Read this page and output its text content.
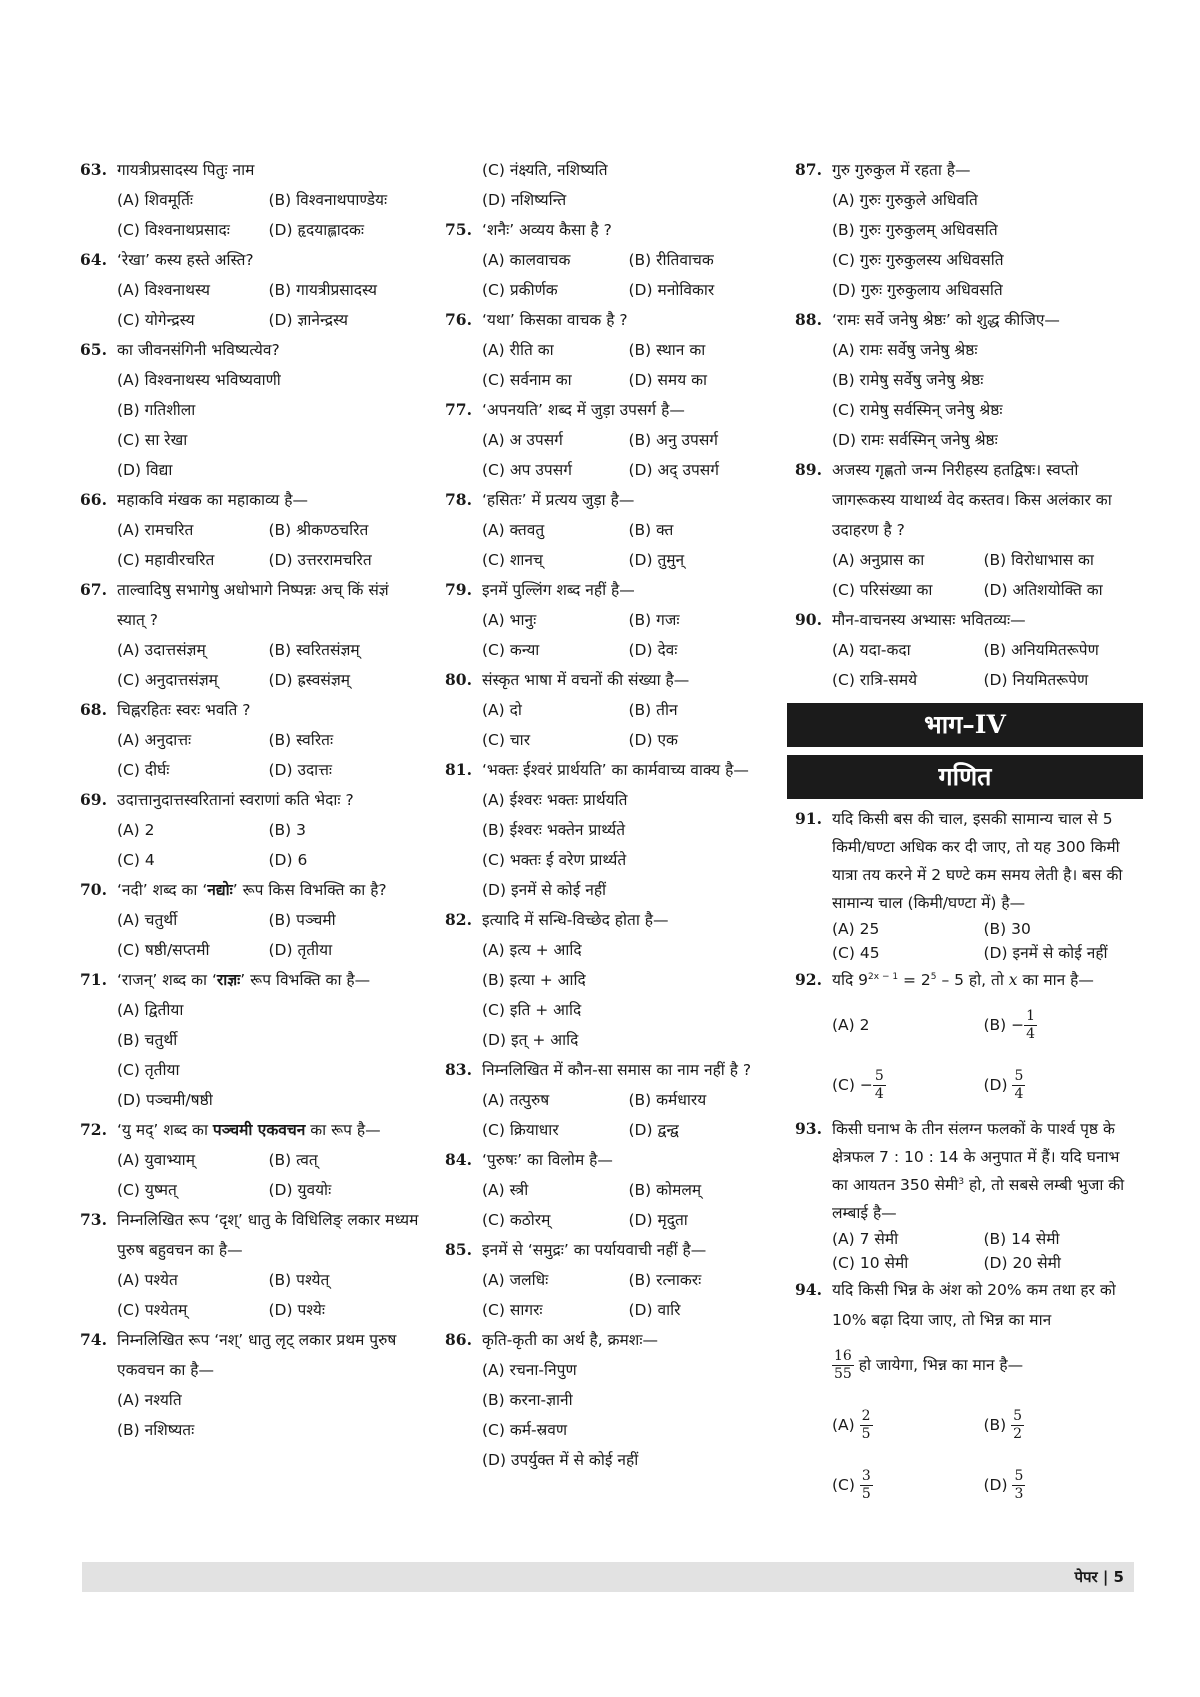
63. गायत्रीप्रसादस्य पितुः नाम
(A) शिवमूर्तिः	(B) विश्वनाथपाण्डेयः
(C) विश्वनाथप्रसादः	(D) हृदयाह्लादकः
64. ‘रेखा’ कस्य हस्ते अस्ति?
(A) विश्वनाथस्य	(B) गायत्रीप्रसादस्य
(C) योगेन्द्रस्य	(D) ज्ञानेन्द्रस्य
65. का जीवनसंगिनी भविष्यत्येव?
(A) विश्वनाथस्य भविष्यवाणी
(B) गतिशीला
(C) सा रेखा
(D) विद्या
66. महाकवि मंखक का महाकाव्य है—
(A) रामचरित	(B) श्रीकण्ठचरित
(C) महावीरचरित	(D) उत्तररामचरित
67. ताल्वादिषु सभागेषु अधोभागे निष्पन्नः अच् किं संज्ञं स्यात् ?
(A) उदात्तसंज्ञम्	(B) स्वरितसंज्ञम्
(C) अनुदात्तसंज्ञम्	(D) ह्रस्वसंज्ञम्
68. चिह्नरहितः स्वरः भवति ?
(A) अनुदात्तः	(B) स्वरितः
(C) दीर्घः	(D) उदात्तः
69. उदात्तानुदात्तस्वरितानां स्वराणां कति भेदाः ?
(A) 2	(B) 3
(C) 4	(D) 6
70. ‘नदी’ शब्द का ‘नद्योः’ रूप किस विभक्ति का है?
(A) चतुर्थी	(B) पञ्चमी
(C) षष्ठी/सप्तमी	(D) तृतीया
71. ‘राजन्’ शब्द का ‘राज्ञः’ रूप विभक्ति का है—
(A) द्वितीया
(B) चतुर्थी
(C) तृतीया
(D) पञ्चमी/षष्ठी
72. ‘यु मद्’ शब्द का पञ्चमी एकवचन का रूप है—
(A) युवाभ्याम्	(B) त्वत्
(C) युष्मत्	(D) युवयोः
73. निम्नलिखित रूप ‘दृश्’ धातु के विधिलिङ् लकार मध्यम पुरुष बहुवचन का है—
(A) पश्येत	(B) पश्येत्
(C) पश्येतम्	(D) पश्येः
74. निम्नलिखित रूप ‘नश्’ धातु लृट् लकार प्रथम पुरुष एकवचन का है—
(A) नश्यति
(B) नशिष्यतः
(C) नंक्ष्यति, नशिष्यति
(D) नशिष्यन्ति
75. ‘शनैः’ अव्यय कैसा है ?
(A) कालवाचक	(B) रीतिवाचक
(C) प्रकीर्णक	(D) मनोविकार
76. ‘यथा’ किसका वाचक है ?
(A) रीति का	(B) स्थान का
(C) सर्वनाम का	(D) समय का
77. ‘अपनयति’ शब्द में जुड़ा उपसर्ग है—
(A) अ उपसर्ग	(B) अनु उपसर्ग
(C) अप उपसर्ग	(D) अद् उपसर्ग
78. ‘हसितः’ में प्रत्यय जुड़ा है—
(A) क्तवतु	(B) क्त
(C) शानच्	(D) तुमुन्
79. इनमें पुल्लिंग शब्द नहीं है—
(A) भानुः	(B) गजः
(C) कन्या	(D) देवः
80. संस्कृत भाषा में वचनों की संख्या है—
(A) दो	(B) तीन
(C) चार	(D) एक
81. ‘भक्तः ईश्वरं प्रार्थयति’ का कार्मवाच्य वाक्य है—
(A) ईश्वरः भक्तः प्रार्थयति
(B) ईश्वरः भक्तेन प्रार्थ्यते
(C) भक्तः ई वरेण प्रार्थ्यते
(D) इनमें से कोई नहीं
82. इत्यादि में सन्धि-विच्छेद होता है—
(A) इत्य + आदि
(B) इत्या + आदि
(C) इति + आदि
(D) इत् + आदि
83. निम्नलिखित में कौन-सा समास का नाम नहीं है ?
(A) तत्पुरुष	(B) कर्मधारय
(C) क्रियाधार	(D) द्वन्द्व
84. ‘पुरुषः’ का विलोम है—
(A) स्त्री	(B) कोमलम्
(C) कठोरम्	(D) मृदुता
85. इनमें से ‘समुद्रः’ का पर्यायवाची नहीं है—
(A) जलधिः	(B) रत्नाकरः
(C) सागरः	(D) वारि
86. कृति-कृती का अर्थ है, क्रमशः—
(A) रचना-निपुण
(B) करना-ज्ञानी
(C) कर्म-स्रवण
(D) उपर्युक्त में से कोई नहीं
87. गुरु गुरुकुल में रहता है—
(A) गुरुः गुरुकुले अधिवति
(B) गुरुः गुरुकुलम् अधिवसति
(C) गुरुः गुरुकुलस्य अधिवसति
(D) गुरुः गुरुकुलाय अधिवसति
88. ‘रामः सर्वे जनेषु श्रेष्ठः’ को शुद्ध कीजिए—
(A) रामः सर्वेषु जनेषु श्रेष्ठः
(B) रामेषु सर्वेषु जनेषु श्रेष्ठः
(C) रामेषु सर्वस्मिन् जनेषु श्रेष्ठः
(D) रामः सर्वस्मिन् जनेषु श्रेष्ठः
89. अजस्य गृह्णतो जन्म निरीहस्य हतद्विषः। स्वप्तो जागरूकस्य याथार्थ्य वेद कस्तव। किस अलंकार का उदाहरण है ?
(A) अनुप्रास का	(B) विरोधाभास का
(C) परिसंख्या का	(D) अतिशयोक्ति का
90. मौन-वाचनस्य अभ्यासः भवितव्यः—
(A) यदा-कदा	(B) अनियमितरूपेण
(C) रात्रि-समये	(D) नियमितरूपेण
भाग–IV
गणित
91. यदि किसी बस की चाल, इसकी सामान्य चाल से 5 किमी/घण्टा अधिक कर दी जाए, तो यह 300 किमी यात्रा तय करने में 2 घण्टे कम समय लेती है। बस की सामान्य चाल (किमी/घण्टा में) है—
(A) 25	(B) 30
(C) 45	(D) इनमें से कोई नहीं
92. यदि $9^{2x - 1} = 2^5 - 5$ हो, तो x का मान है—
(A) 2	$(B) - \frac{1}{4}$
$(C) - \frac{5}{4}$	$(D) \frac{5}{4}$
93. किसी घनाभ के तीन संलग्न फलकों के पार्श्व पृष्ठ के क्षेत्रफल 7 : 10 : 14 के अनुपात में हैं। यदि घनाभ का आयतन 350 सेमी$^3$ हो, तो सबसे लम्बी भुजा की लम्बाई है—
(A) 7 सेमी	(B) 14 सेमी
(C) 10 सेमी	(D) 20 सेमी
94. यदि किसी भिन्न के अंश को 20% कम तथा हर को 10% बढ़ा दिया जाए, तो भिन्न का मान
$\frac{16}{55}$ हो जायेगा, भिन्न का मान है—
$(A) \frac{2}{5}$	$(B) \frac{5}{2}$
$(C) \frac{3}{5}$	$(D) \frac{5}{3}$
पेपर | 5
